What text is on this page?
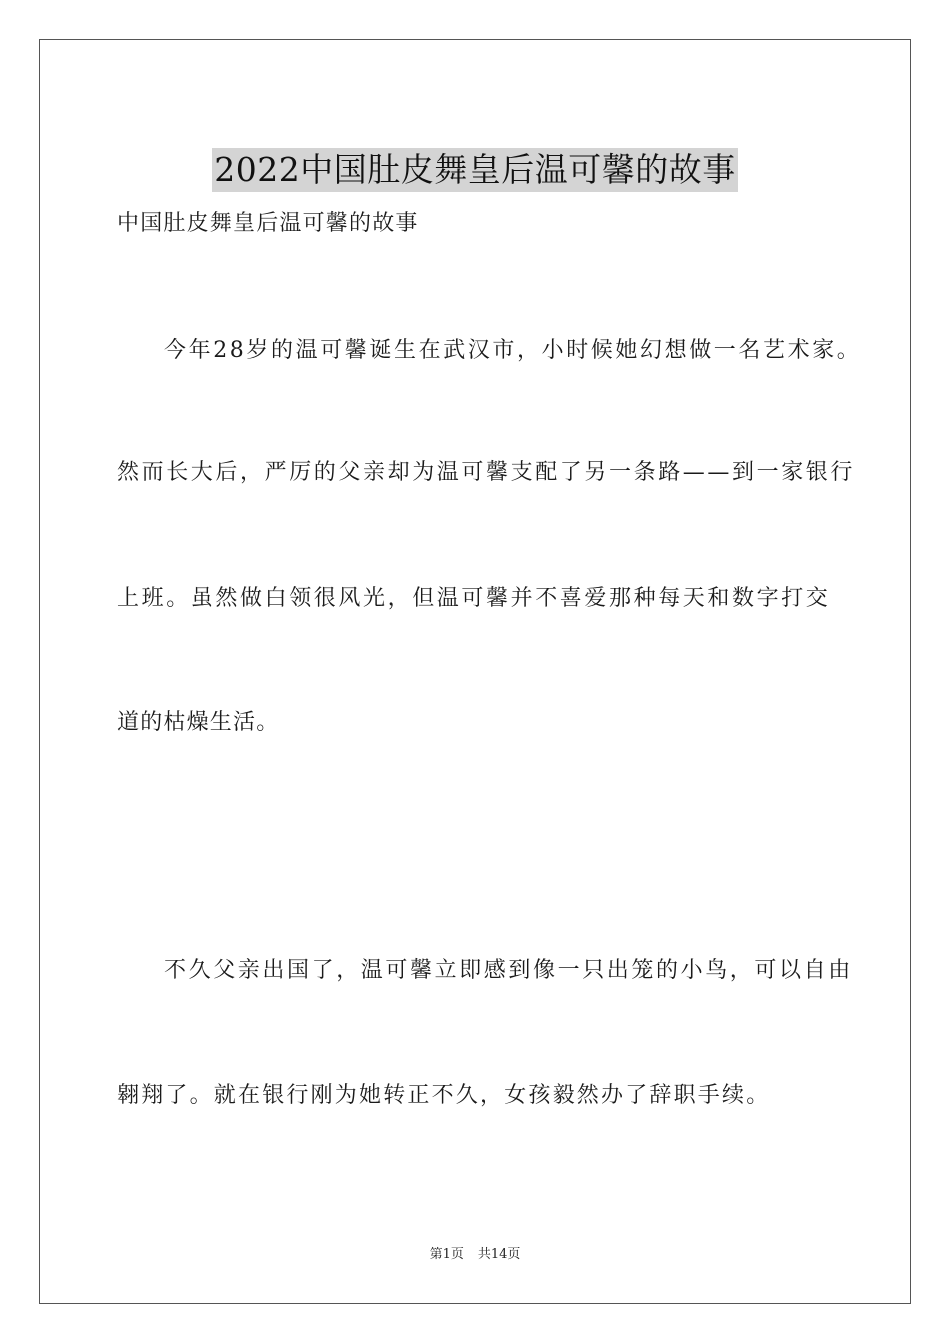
2022中国肚皮舞皇后温可馨的故事
中国肚皮舞皇后温可馨的故事
今年28岁的温可馨诞生在武汉市，小时候她幻想做一名艺术家。
然而长大后，严厉的父亲却为温可馨支配了另一条路——到一家银行
上班。虽然做白领很风光，但温可馨并不喜爱那种每天和数字打交
道的枯燥生活。
不久父亲出国了，温可馨立即感到像一只出笼的小鸟，可以自由
翱翔了。就在银行刚为她转正不久，女孩毅然办了辞职手续。
第1页 共14页
